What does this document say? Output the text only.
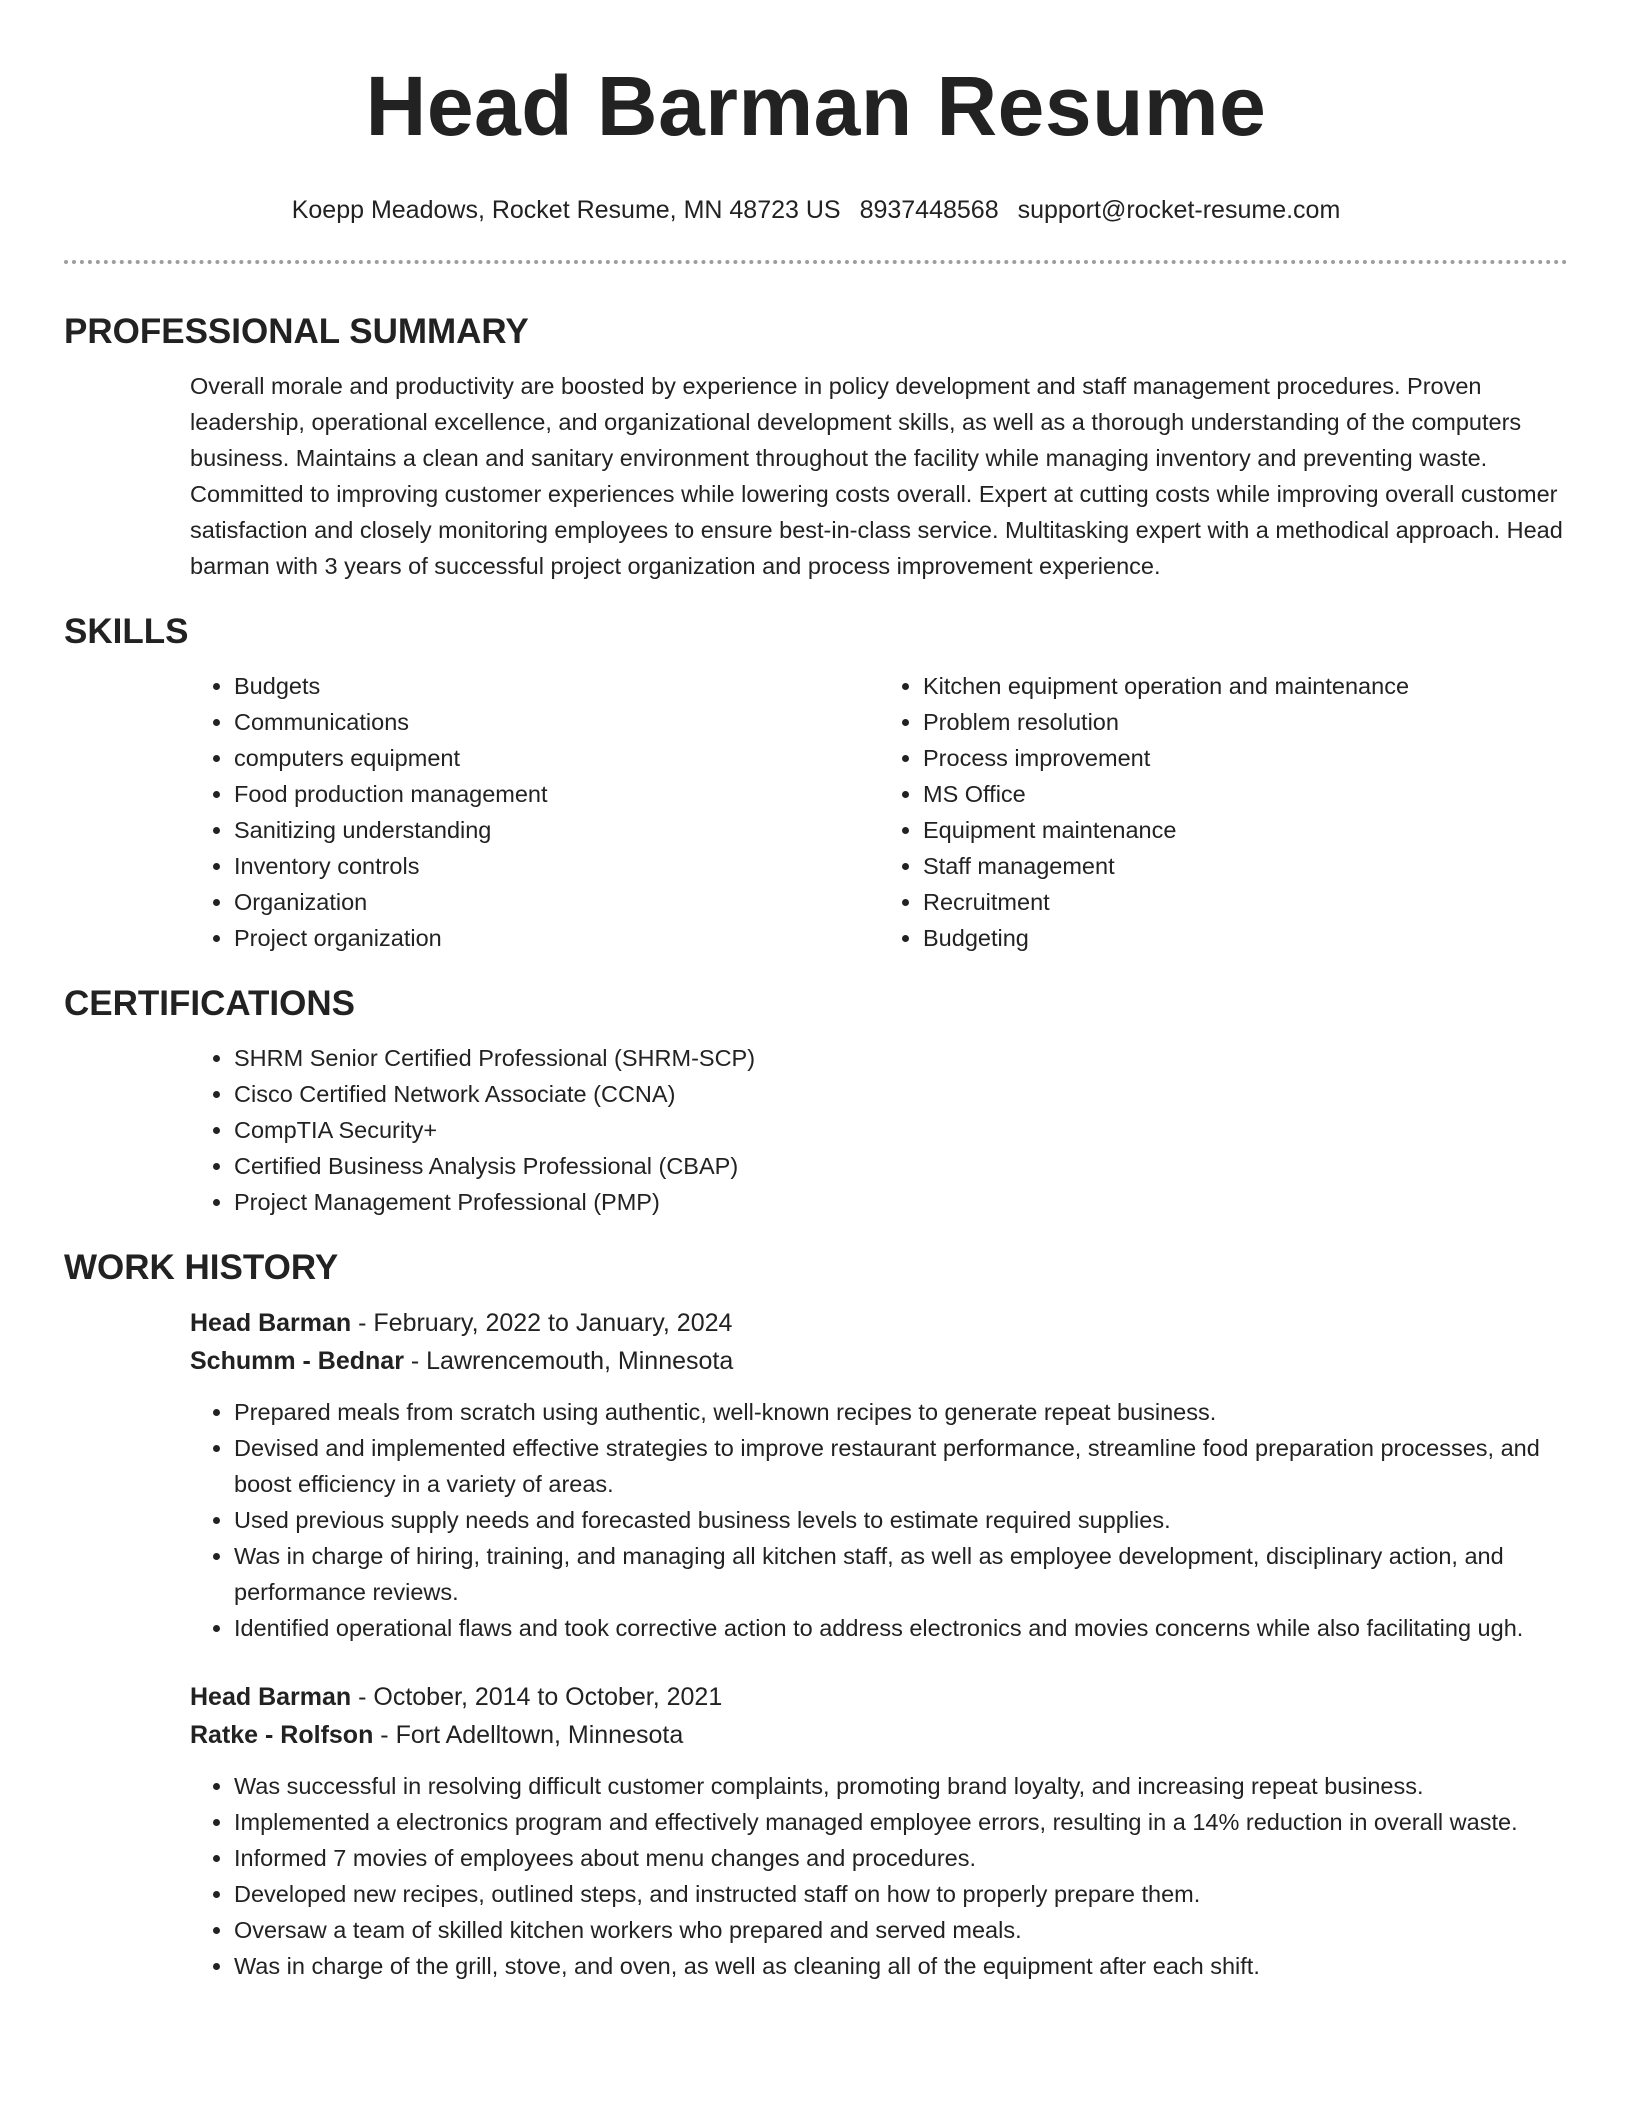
Head Barman Resume
Koepp Meadows, Rocket Resume, MN 48723 US 8937448568 support@rocket-resume.com
PROFESSIONAL SUMMARY
Overall morale and productivity are boosted by experience in policy development and staff management procedures. Proven leadership, operational excellence, and organizational development skills, as well as a thorough understanding of the computers business. Maintains a clean and sanitary environment throughout the facility while managing inventory and preventing waste. Committed to improving customer experiences while lowering costs overall. Expert at cutting costs while improving overall customer satisfaction and closely monitoring employees to ensure best-in-class service. Multitasking expert with a methodical approach. Head barman with 3 years of successful project organization and process improvement experience.
SKILLS
• Budgets
• Communications
• computers equipment
• Food production management
• Sanitizing understanding
• Inventory controls
• Organization
• Project organization
• Kitchen equipment operation and maintenance
• Problem resolution
• Process improvement
• MS Office
• Equipment maintenance
• Staff management
• Recruitment
• Budgeting
CERTIFICATIONS
• SHRM Senior Certified Professional (SHRM-SCP)
• Cisco Certified Network Associate (CCNA)
• CompTIA Security+
• Certified Business Analysis Professional (CBAP)
• Project Management Professional (PMP)
WORK HISTORY
Head Barman - February, 2022 to January, 2024
Schumm - Bednar - Lawrencemouth, Minnesota
• Prepared meals from scratch using authentic, well-known recipes to generate repeat business.
• Devised and implemented effective strategies to improve restaurant performance, streamline food preparation processes, and boost efficiency in a variety of areas.
• Used previous supply needs and forecasted business levels to estimate required supplies.
• Was in charge of hiring, training, and managing all kitchen staff, as well as employee development, disciplinary action, and performance reviews.
• Identified operational flaws and took corrective action to address electronics and movies concerns while also facilitating ugh.
Head Barman - October, 2014 to October, 2021
Ratke - Rolfson - Fort Adelltown, Minnesota
• Was successful in resolving difficult customer complaints, promoting brand loyalty, and increasing repeat business.
• Implemented a electronics program and effectively managed employee errors, resulting in a 14% reduction in overall waste.
• Informed 7 movies of employees about menu changes and procedures.
• Developed new recipes, outlined steps, and instructed staff on how to properly prepare them.
• Oversaw a team of skilled kitchen workers who prepared and served meals.
• Was in charge of the grill, stove, and oven, as well as cleaning all of the equipment after each shift.
